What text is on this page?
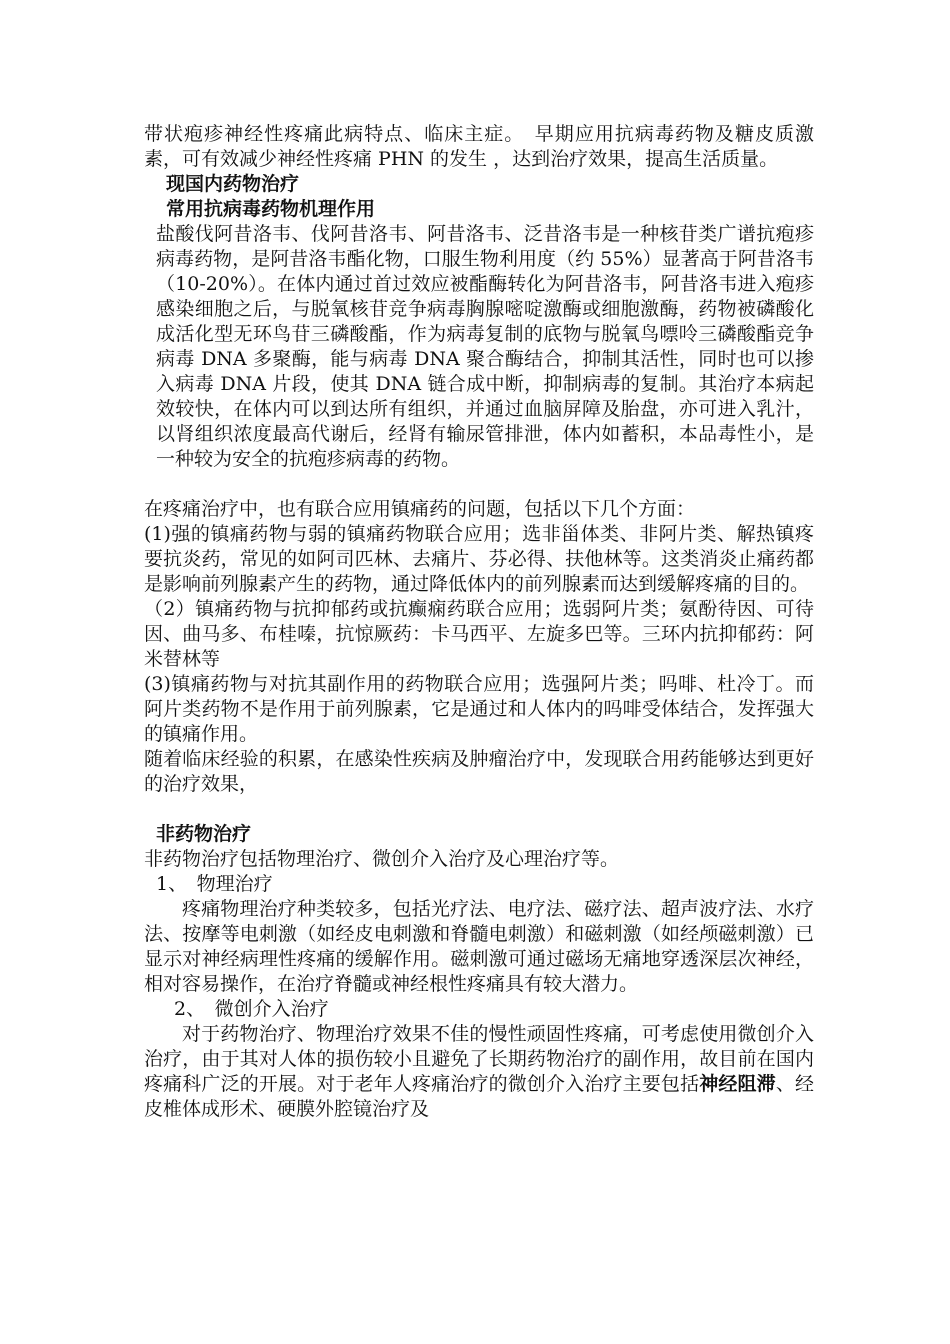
带状疱疹神经性疼痛此病特点、临床主症。　早期应用抗病毒药物及糖皮质激素，可有效减少神经性疼痛 PHN 的发生 ，达到治疗效果，提高生活质量。

现国内药物治疗

常用抗病毒药物机理作用

盐酸伐阿昔洛韦、伐阿昔洛韦、阿昔洛韦、泛昔洛韦是一种核苷类广谱抗疱疹病毒药物，是阿昔洛韦酯化物，口服生物利用度（约 55%）显著高于阿昔洛韦（10-20%）。在体内通过首过效应被酯酶转化为阿昔洛韦，阿昔洛韦进入疱疹感染细胞之后，与脱氧核苷竞争病毒胸腺嘧啶激酶或细胞激酶，药物被磷酸化成活化型无环鸟苷三磷酸酯，作为病毒复制的底物与脱氧鸟嘌呤三磷酸酯竞争病毒 DNA 多聚酶，能与病毒 DNA 聚合酶结合，抑制其活性，同时也可以掺入病毒 DNA 片段，使其 DNA 链合成中断，抑制病毒的复制。其治疗本病起效较快，在体内可以到达所有组织，并通过血脑屏障及胎盘，亦可进入乳汁，以肾组织浓度最高代谢后，经肾有输尿管排泄，体内如蓄积，本品毒性小，是一种较为安全的抗疱疹病毒的药物。

在疼痛治疗中，也有联合应用镇痛药的问题，包括以下几个方面：

(1)强的镇痛药物与弱的镇痛药物联合应用；选非甾体类、非阿片类、解热镇疼要抗炎药，常见的如阿司匹林、去痛片、芬必得、扶他林等。这类消炎止痛药都是影响前列腺素产生的药物，通过降低体内的前列腺素而达到缓解疼痛的目的。

（2）镇痛药物与抗抑郁药或抗癫痫药联合应用；选弱阿片类；氨酚待因、可待因、曲马多、布桂嗪，抗惊厥药：卡马西平、左旋多巴等。三环内抗抑郁药：阿米替林等

(3)镇痛药物与对抗其副作用的药物联合应用；选强阿片类；吗啡、杜冷丁。而阿片类药物不是作用于前列腺素，它是通过和人体内的吗啡受体结合，发挥强大的镇痛作用。

随着临床经验的积累，在感染性疾病及肿瘤治疗中，发现联合用药能够达到更好的治疗效果，

非药物治疗

非药物治疗包括物理治疗、微创介入治疗及心理治疗等。

1、　物理治疗

疼痛物理治疗种类较多，包括光疗法、电疗法、磁疗法、超声波疗法、水疗法、按摩等电刺激（如经皮电刺激和脊髓电刺激）和磁刺激（如经颅磁刺激）已显示对神经病理性疼痛的缓解作用。磁刺激可通过磁场无痛地穿透深层次神经，相对容易操作，在治疗脊髓或神经根性疼痛具有较大潜力。

2、　微创介入治疗

对于药物治疗、物理治疗效果不佳的慢性顽固性疼痛，可考虑使用微创介入治疗，由于其对人体的损伤较小且避免了长期药物治疗的副作用，故目前在国内疼痛科广泛的开展。对于老年人疼痛治疗的微创介入治疗主要包括神经阻滞、经皮椎体成形术、硬膜外腔镜治疗及
